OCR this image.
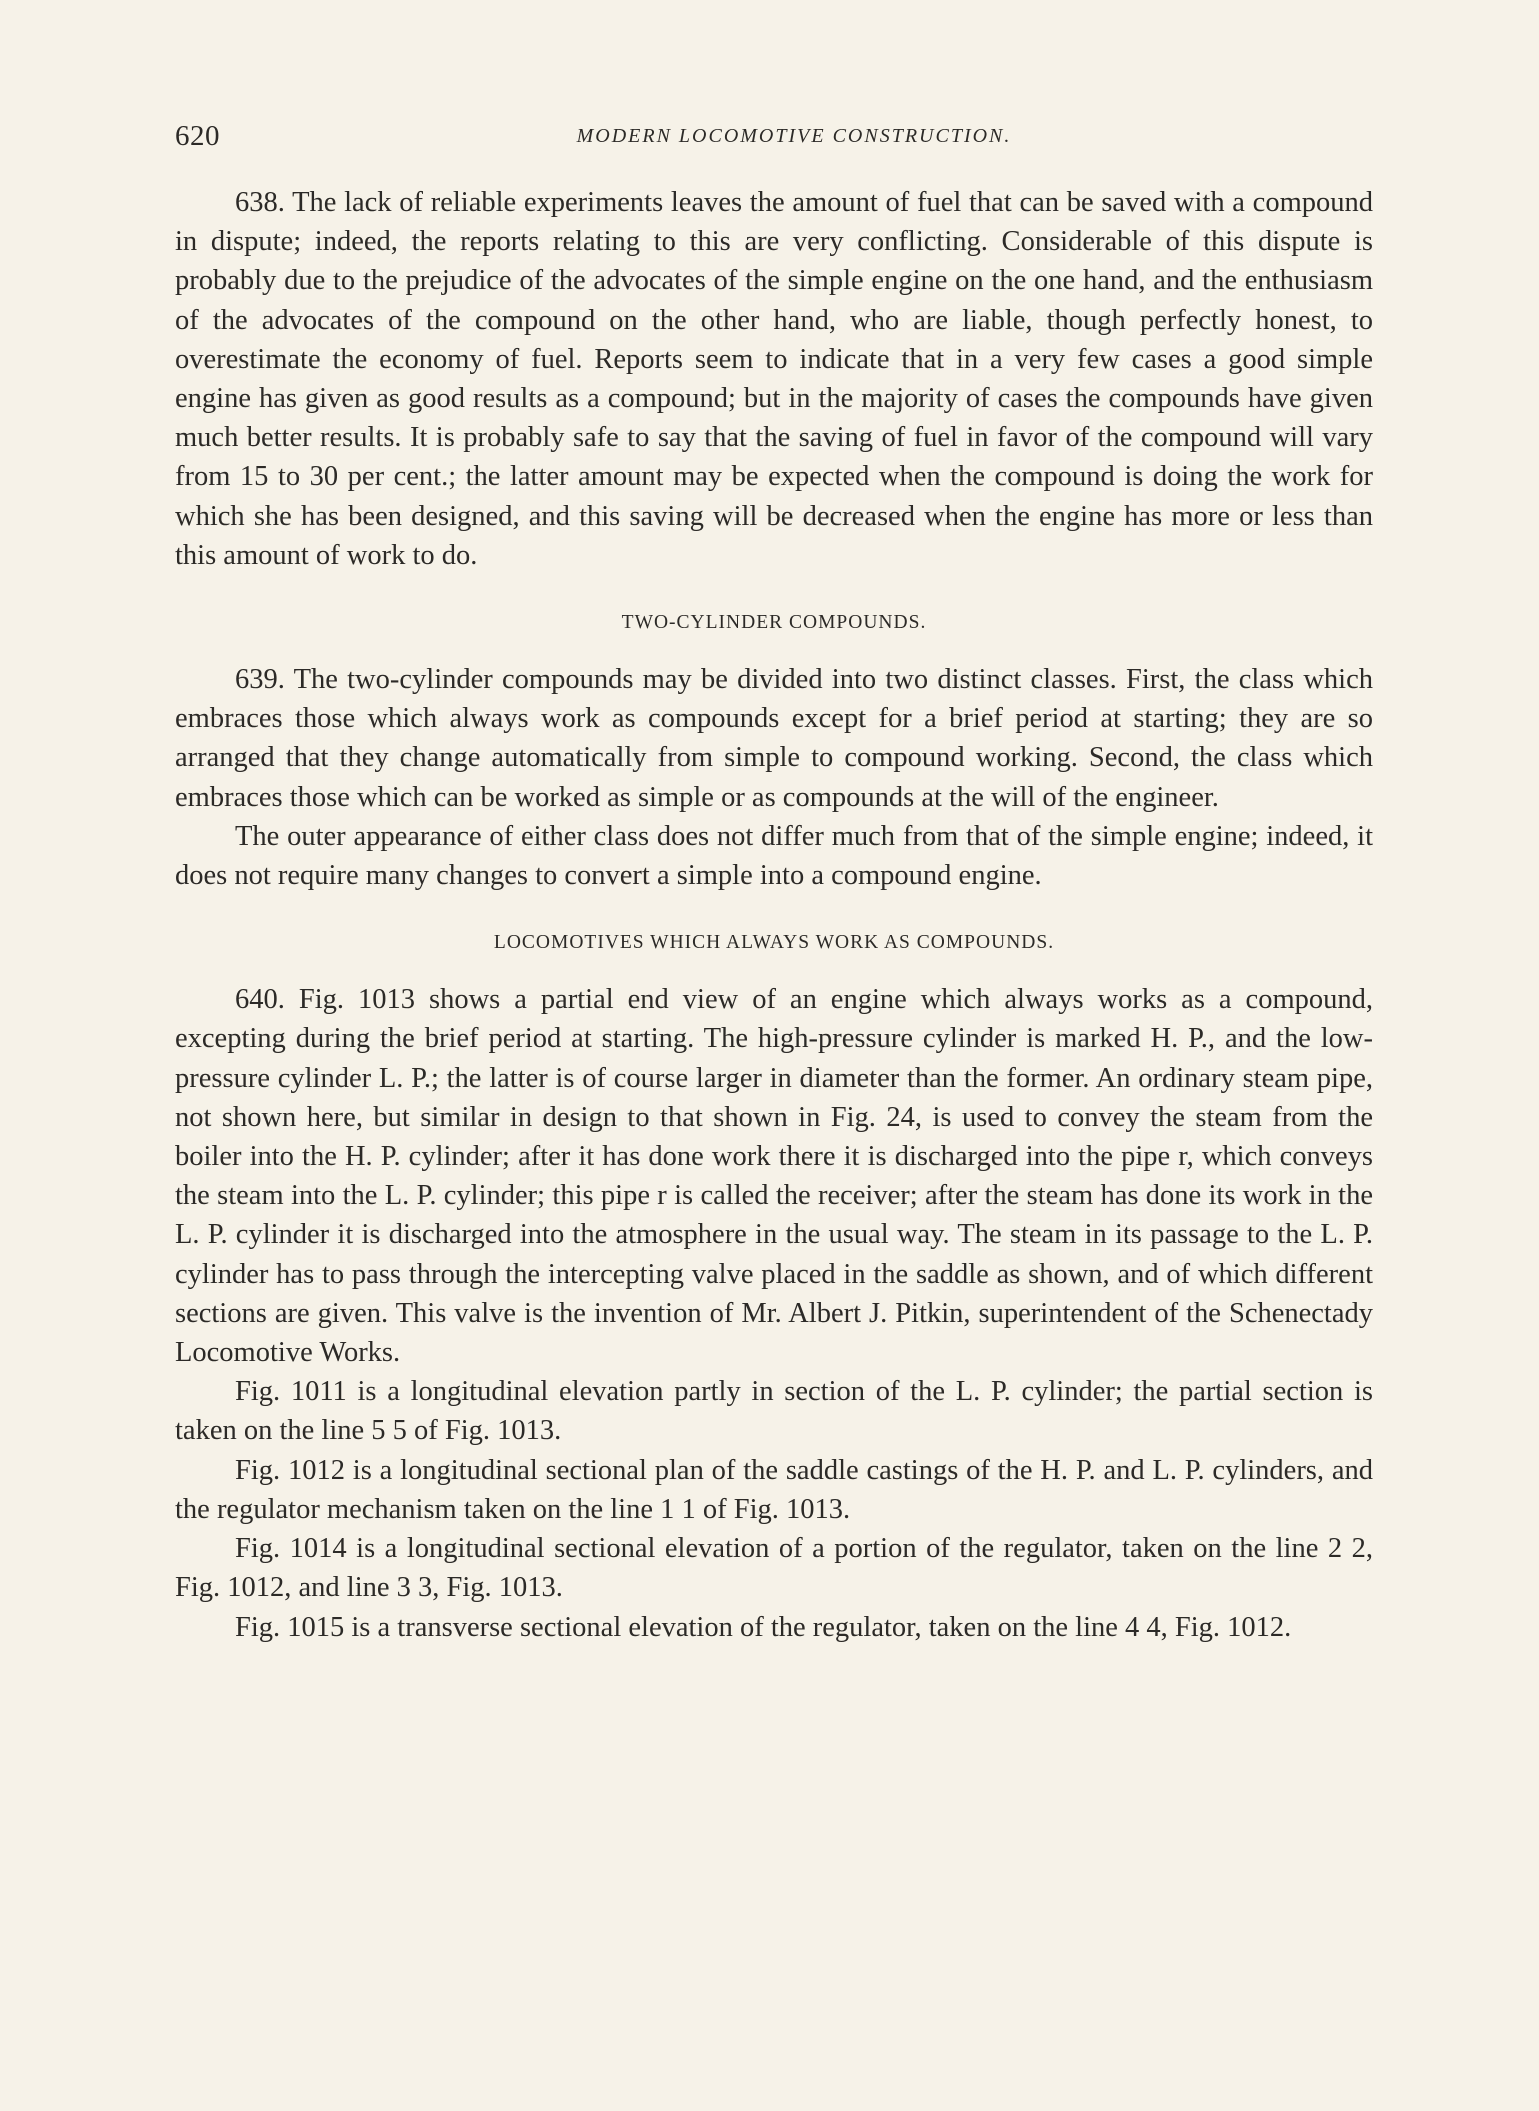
620	MODERN LOCOMOTIVE CONSTRUCTION.

638. The lack of reliable experiments leaves the amount of fuel that can be saved with a compound in dispute; indeed, the reports relating to this are very conflicting. Considerable of this dispute is probably due to the prejudice of the advocates of the simple engine on the one hand, and the enthusiasm of the advocates of the compound on the other hand, who are liable, though perfectly honest, to overestimate the economy of fuel. Reports seem to indicate that in a very few cases a good simple engine has given as good results as a compound; but in the majority of cases the compounds have given much better results. It is probably safe to say that the saving of fuel in favor of the compound will vary from 15 to 30 per cent.; the latter amount may be expected when the compound is doing the work for which she has been designed, and this saving will be decreased when the engine has more or less than this amount of work to do.

TWO-CYLINDER COMPOUNDS.

639. The two-cylinder compounds may be divided into two distinct classes. First, the class which embraces those which always work as compounds except for a brief period at starting; they are so arranged that they change automatically from simple to compound working. Second, the class which embraces those which can be worked as simple or as compounds at the will of the engineer.

The outer appearance of either class does not differ much from that of the simple engine; indeed, it does not require many changes to convert a simple into a compound engine.

LOCOMOTIVES WHICH ALWAYS WORK AS COMPOUNDS.

640. Fig. 1013 shows a partial end view of an engine which always works as a compound, excepting during the brief period at starting. The high-pressure cylinder is marked H. P., and the low-pressure cylinder L. P.; the latter is of course larger in diameter than the former. An ordinary steam pipe, not shown here, but similar in design to that shown in Fig. 24, is used to convey the steam from the boiler into the H. P. cylinder; after it has done work there it is discharged into the pipe r, which conveys the steam into the L. P. cylinder; this pipe r is called the receiver; after the steam has done its work in the L. P. cylinder it is discharged into the atmosphere in the usual way. The steam in its passage to the L. P. cylinder has to pass through the intercepting valve placed in the saddle as shown, and of which different sections are given. This valve is the invention of Mr. Albert J. Pitkin, superintendent of the Schenectady Locomotive Works.

Fig. 1011 is a longitudinal elevation partly in section of the L. P. cylinder; the partial section is taken on the line 5 5 of Fig. 1013.

Fig. 1012 is a longitudinal sectional plan of the saddle castings of the H. P. and L. P. cylinders, and the regulator mechanism taken on the line 1 1 of Fig. 1013.

Fig. 1014 is a longitudinal sectional elevation of a portion of the regulator, taken on the line 2 2, Fig. 1012, and line 3 3, Fig. 1013.

Fig. 1015 is a transverse sectional elevation of the regulator, taken on the line 4 4, Fig. 1012.
